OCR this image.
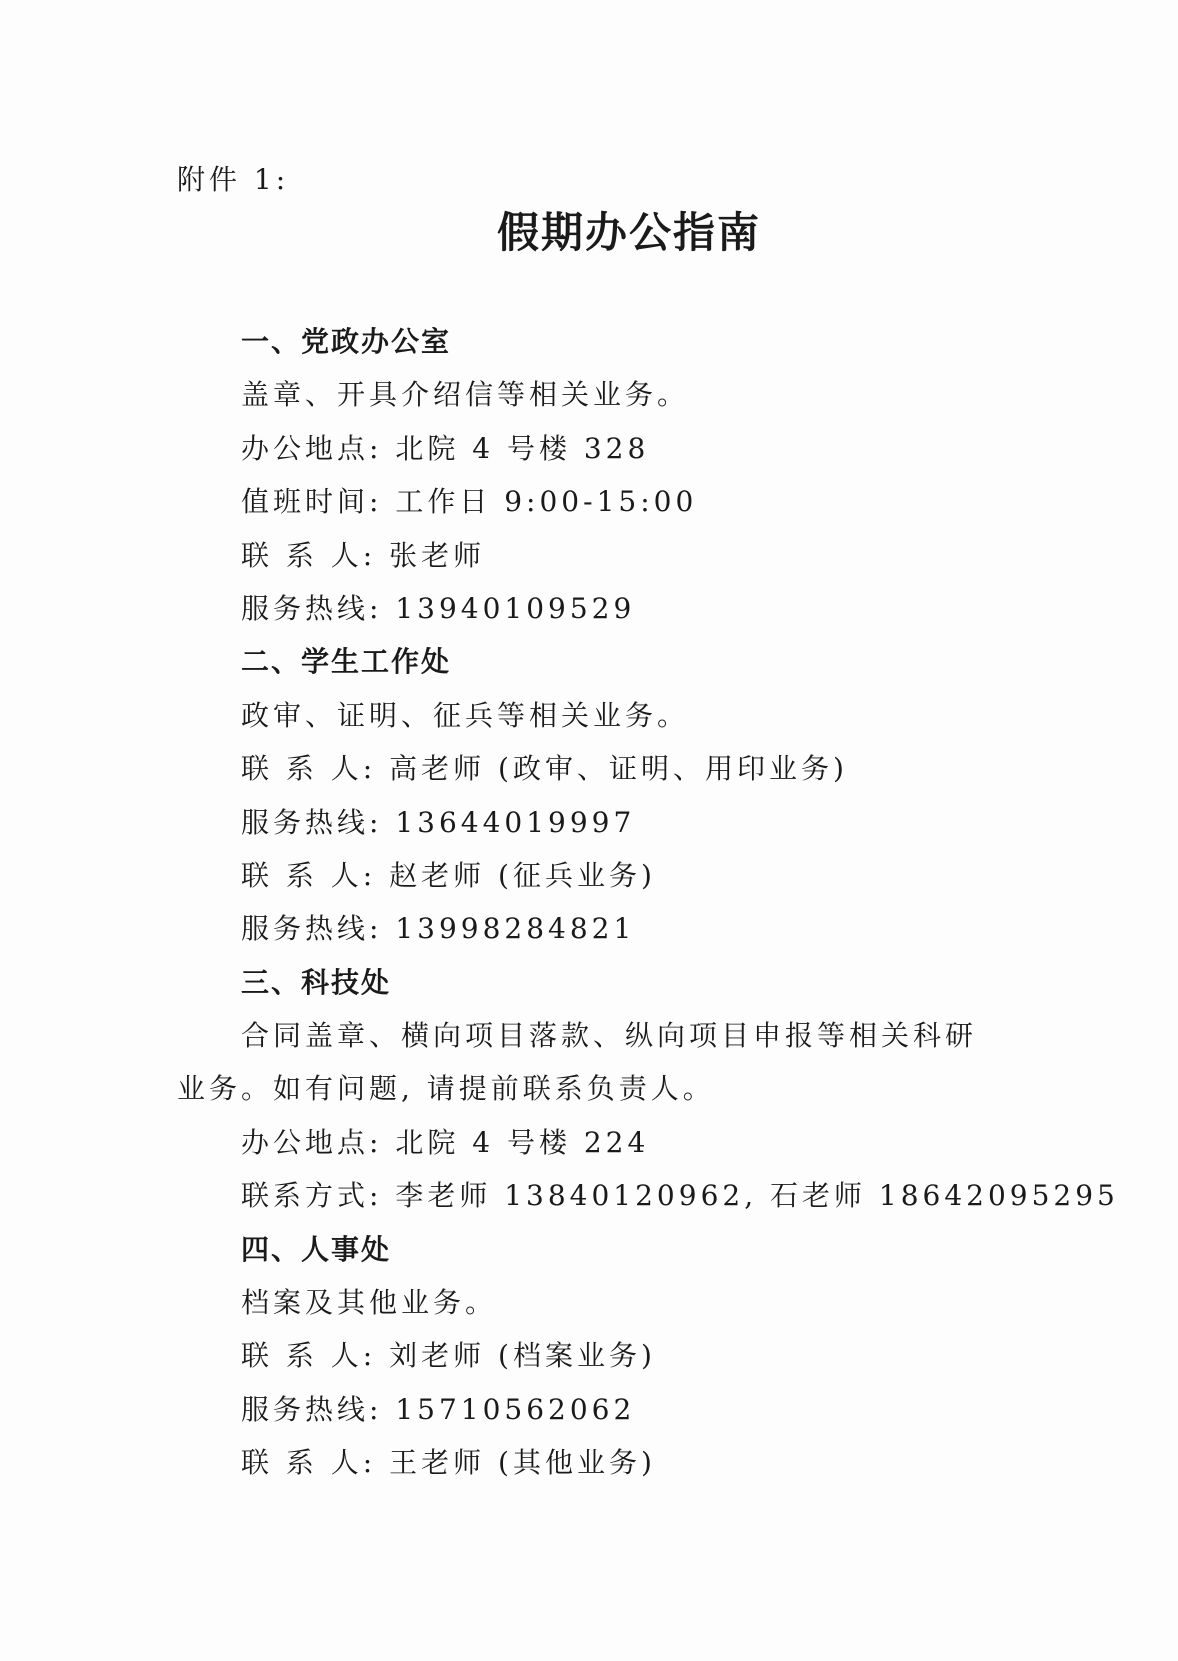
附件 1:
假期办公指南
一、党政办公室
盖章、开具介绍信等相关业务。
办公地点: 北院 4 号楼 328
值班时间: 工作日 9:00-15:00
联 系 人: 张老师
服务热线: 13940109529
二、学生工作处
政审、证明、征兵等相关业务。
联 系 人: 高老师 (政审、证明、用印业务)
服务热线: 13644019997
联 系 人: 赵老师 (征兵业务)
服务热线: 13998284821
三、科技处
合同盖章、横向项目落款、纵向项目申报等相关科研业务。如有问题, 请提前联系负责人。
办公地点: 北院 4 号楼 224
联系方式: 李老师 13840120962, 石老师 18642095295
四、人事处
档案及其他业务。
联 系 人: 刘老师 (档案业务)
服务热线: 15710562062
联 系 人: 王老师 (其他业务)
